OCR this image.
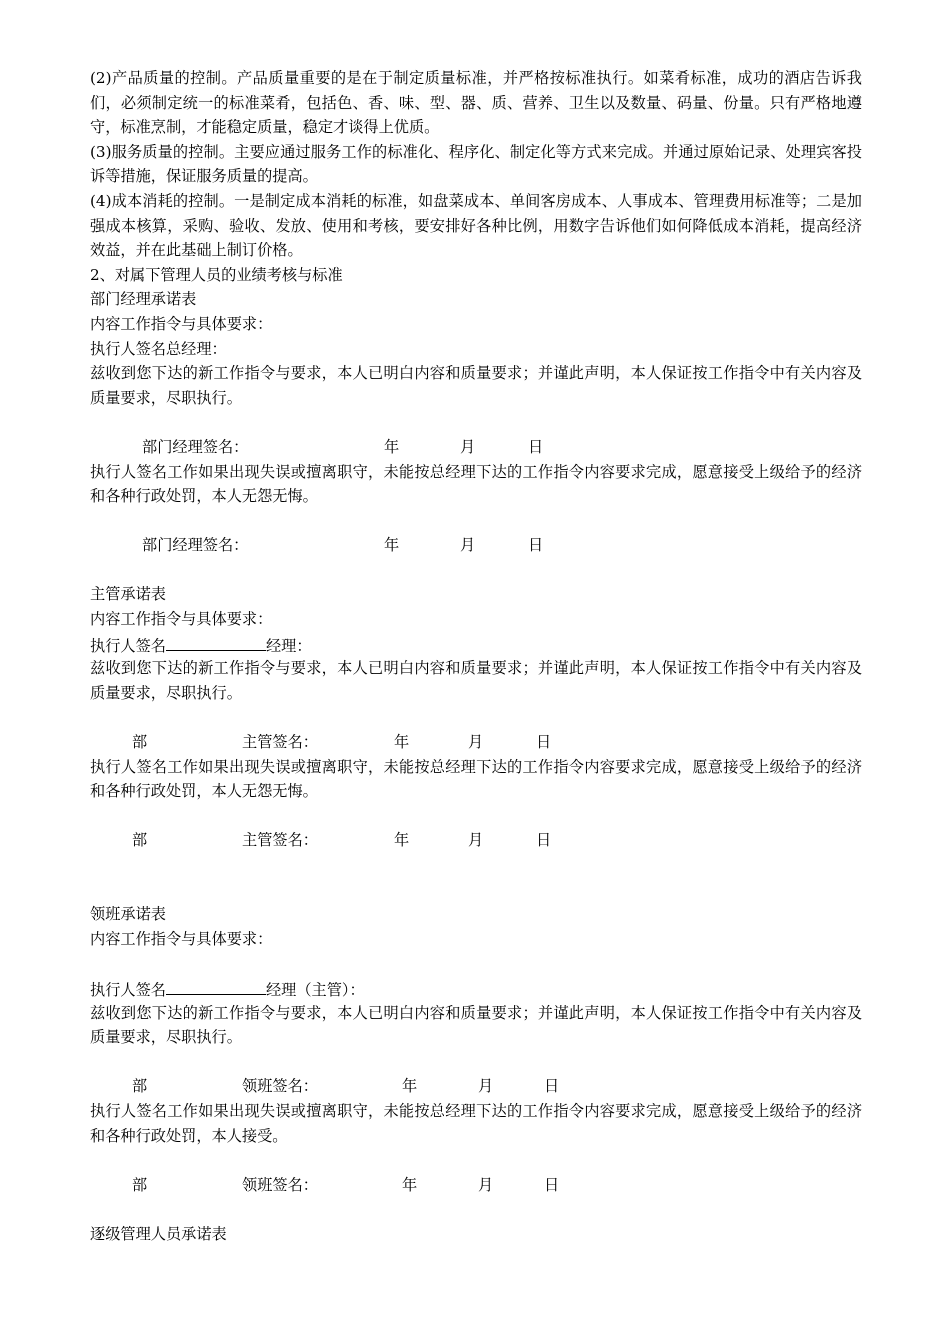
(2)产品质量的控制。产品质量重要的是在于制定质量标准，并严格按标准执行。如菜肴标准，成功的酒店告诉我们，必须制定统一的标准菜肴，包括色、香、味、型、器、质、营养、卫生以及数量、码量、份量。只有严格地遵守，标准烹制，才能稳定质量，稳定才谈得上优质。

(3)服务质量的控制。主要应通过服务工作的标准化、程序化、制定化等方式来完成。并通过原始记录、处理宾客投诉等措施，保证服务质量的提高。

(4)成本消耗的控制。一是制定成本消耗的标准，如盘菜成本、单间客房成本、人事成本、管理费用标准等；二是加强成本核算，采购、验收、发放、使用和考核，要安排好各种比例，用数字告诉他们如何降低成本消耗，提高经济效益，并在此基础上制订价格。

2、对属下管理人员的业绩考核与标准

部门经理承诺表

内容工作指令与具体要求：

执行人签名总经理：

兹收到您下达的新工作指令与要求，本人已明白内容和质量要求；并谨此声明，本人保证按工作指令中有关内容及质量要求，尽职执行。

部门经理签名：	年	月	日

执行人签名工作如果出现失误或擅离职守，未能按总经理下达的工作指令内容要求完成，愿意接受上级给予的经济和各种行政处罚，本人无怨无悔。

部门经理签名：	年	月	日

主管承诺表

内容工作指令与具体要求：

执行人签名	经理：

兹收到您下达的新工作指令与要求，本人已明白内容和质量要求；并谨此声明，本人保证按工作指令中有关内容及质量要求，尽职执行。

部	主管签名：	年	月	日

执行人签名工作如果出现失误或擅离职守，未能按总经理下达的工作指令内容要求完成，愿意接受上级给予的经济和各种行政处罚，本人无怨无悔。

部	主管签名：	年	月	日

领班承诺表

内容工作指令与具体要求：

执行人签名	经理（主管）：

兹收到您下达的新工作指令与要求，本人已明白内容和质量要求；并谨此声明，本人保证按工作指令中有关内容及质量要求，尽职执行。

部	领班签名：	年	月	日

执行人签名工作如果出现失误或擅离职守，未能按总经理下达的工作指令内容要求完成，愿意接受上级给予的经济和各种行政处罚，本人接受。

部	领班签名：	年	月	日

逐级管理人员承诺表
